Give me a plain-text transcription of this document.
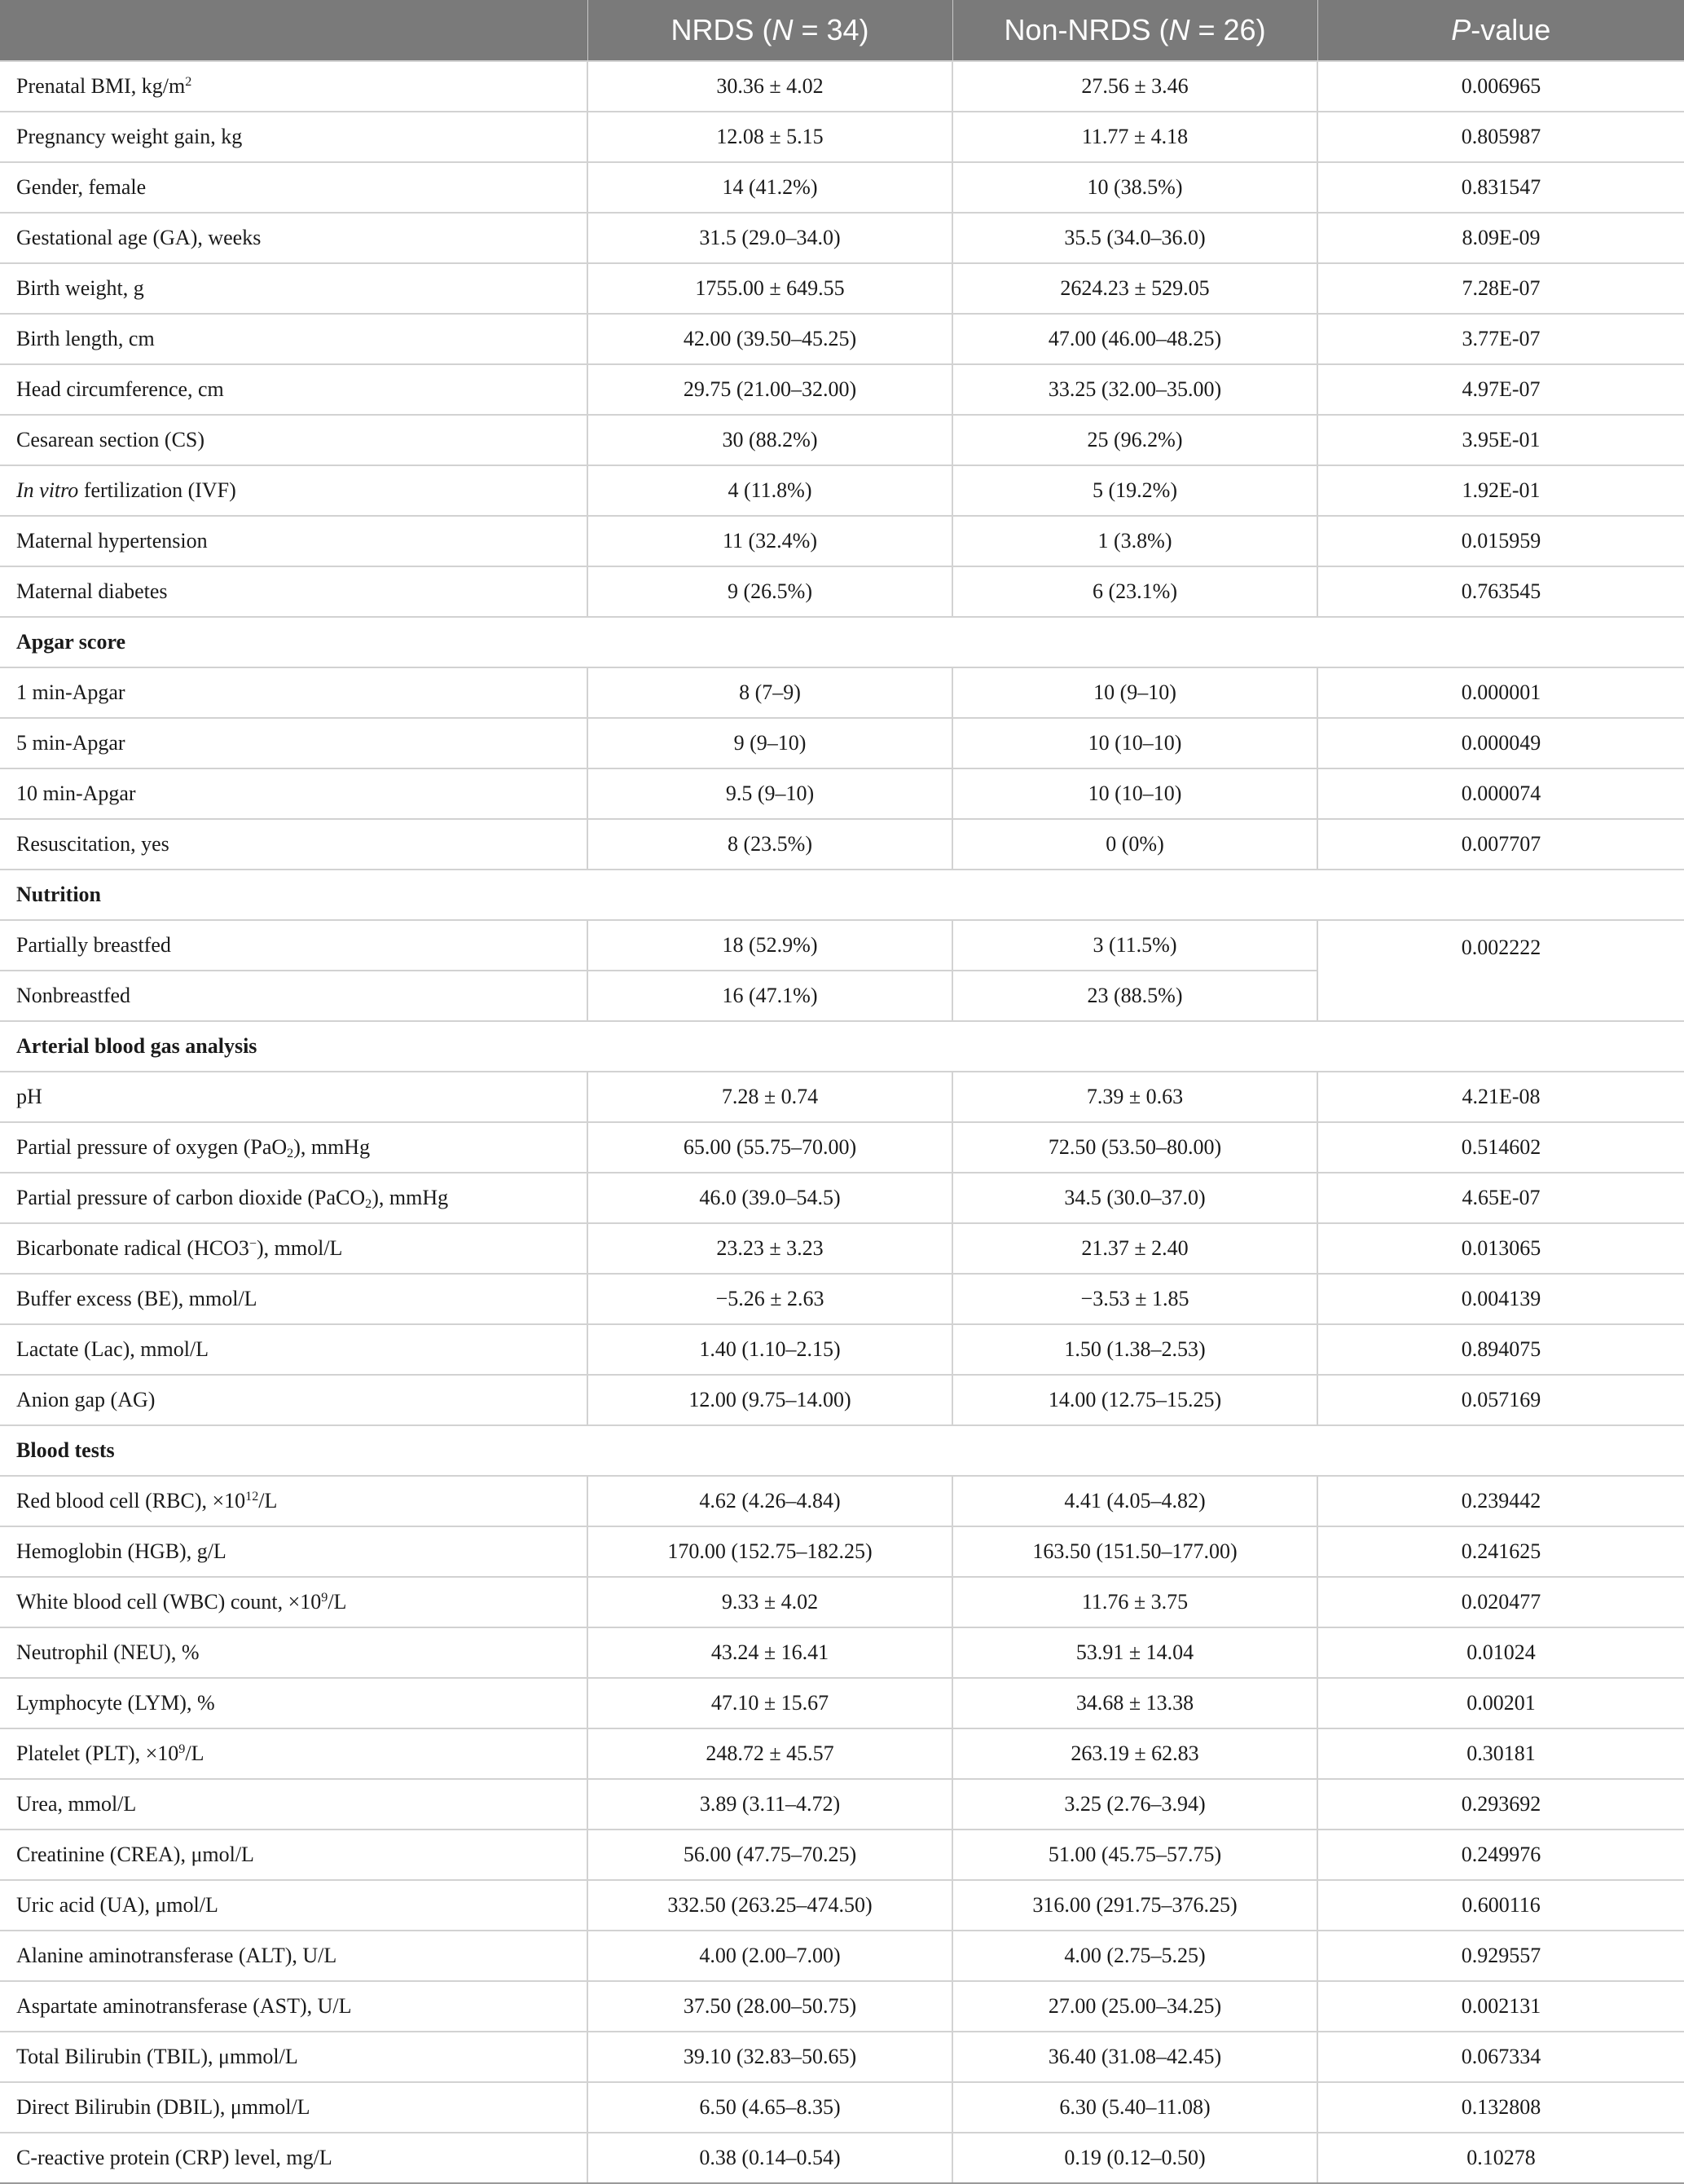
	NRDS (N = 34)	Non-NRDS (N = 26)	P-value
Prenatal BMI, $kg/m^2$	30.36 ± 4.02	27.56 ± 3.46	0.006965
Pregnancy weight gain, kg	12.08 ± 5.15	11.77 ± 4.18	0.805987
Gender, female	14 (41.2%)	10 (38.5%)	0.831547
Gestational age (GA), weeks	31.5 (29.0–34.0)	35.5 (34.0–36.0)	8.09E-09
Birth weight, g	1755.00 ± 649.55	2624.23 ± 529.05	7.28E-07
Birth length, cm	42.00 (39.50–45.25)	47.00 (46.00–48.25)	3.77E-07
Head circumference, cm	29.75 (21.00–32.00)	33.25 (32.00–35.00)	4.97E-07
Cesarean section (CS)	30 (88.2%)	25 (96.2%)	3.95E-01
In vitro fertilization (IVF)	4 (11.8%)	5 (19.2%)	1.92E-01
Maternal hypertension	11 (32.4%)	1 (3.8%)	0.015959
Maternal diabetes	9 (26.5%)	6 (23.1%)	0.763545
Apgar score			
1 min-Apgar	8 (7–9)	10 (9–10)	0.000001
5 min-Apgar	9 (9–10)	10 (10–10)	0.000049
10 min-Apgar	9.5 (9–10)	10 (10–10)	0.000074
Resuscitation, yes	8 (23.5%)	0 (0%)	0.007707
Nutrition			
Partially breastfed	18 (52.9%)	3 (11.5%)	0.002222
Nonbreastfed	16 (47.1%)	23 (88.5%)	
Arterial blood gas analysis			
pH	7.28 ± 0.74	7.39 ± 0.63	4.21E-08
Partial pressure of oxygen (PaO$_2$), mmHg	65.00 (55.75–70.00)	72.50 (53.50–80.00)	0.514602
Partial pressure of carbon dioxide (PaCO$_2$), mmHg	46.0 (39.0–54.5)	34.5 (30.0–37.0)	4.65E-07
Bicarbonate radical (HCO3−), mmol/L	23.23 ± 3.23	21.37 ± 2.40	0.013065
Buffer excess (BE), mmol/L	−5.26 ± 2.63	−3.53 ± 1.85	0.004139
Lactate (Lac), mmol/L	1.40 (1.10–2.15)	1.50 (1.38–2.53)	0.894075
Anion gap (AG)	12.00 (9.75–14.00)	14.00 (12.75–15.25)	0.057169
Blood tests			
Red blood cell (RBC), $\times 10^{12}/L$	4.62 (4.26–4.84)	4.41 (4.05–4.82)	0.239442
Hemoglobin (HGB), g/L	170.00 (152.75–182.25)	163.50 (151.50–177.00)	0.241625
White blood cell (WBC) count, $\times 10^9/L$	9.33 ± 4.02	11.76 ± 3.75	0.020477
Neutrophil (NEU), %	43.24 ± 16.41	53.91 ± 14.04	0.01024
Lymphocyte (LYM), %	47.10 ± 15.67	34.68 ± 13.38	0.00201
Platelet (PLT), $\times 10^9/L$	248.72 ± 45.57	263.19 ± 62.83	0.30181
Urea, mmol/L	3.89 (3.11–4.72)	3.25 (2.76–3.94)	0.293692
Creatinine (CREA), μmol/L	56.00 (47.75–70.25)	51.00 (45.75–57.75)	0.249976
Uric acid (UA), μmol/L	332.50 (263.25–474.50)	316.00 (291.75–376.25)	0.600116
Alanine aminotransferase (ALT), U/L	4.00 (2.00–7.00)	4.00 (2.75–5.25)	0.929557
Aspartate aminotransferase (AST), U/L	37.50 (28.00–50.75)	27.00 (25.00–34.25)	0.002131
Total Bilirubin (TBIL), μmmol/L	39.10 (32.83–50.65)	36.40 (31.08–42.45)	0.067334
Direct Bilirubin (DBIL), μmmol/L	6.50 (4.65–8.35)	6.30 (5.40–11.08)	0.132808
C-reactive protein (CRP) level, mg/L	0.38 (0.14–0.54)	0.19 (0.12–0.50)	0.10278
